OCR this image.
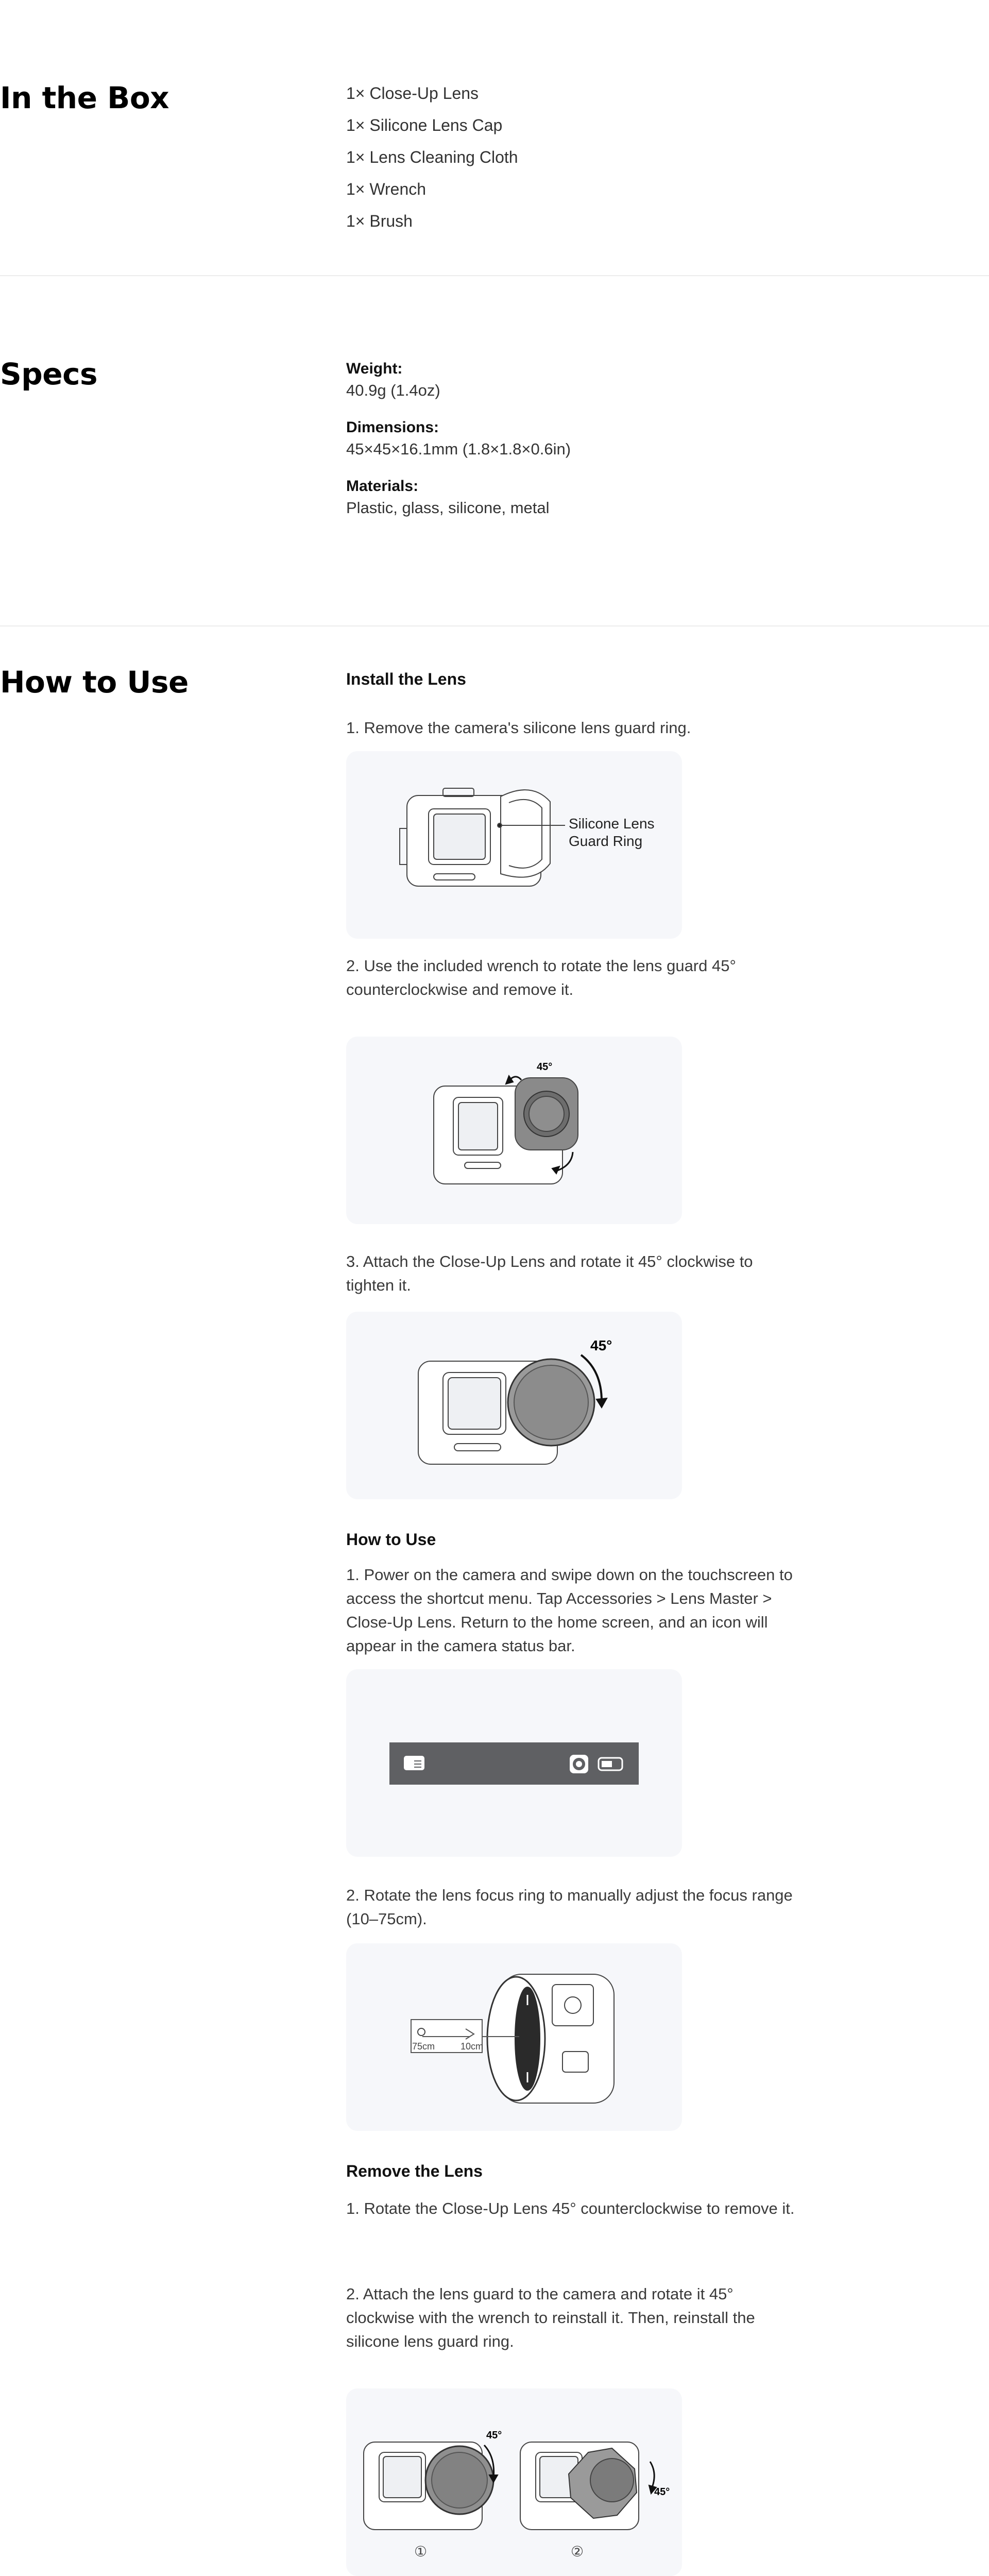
In the Box	1× Close-Up Lens
1× Silicone Lens Cap
1× Lens Cleaning Cloth
1× Wrench
1× Brush
Specs	Weight:
40.9g (1.4oz)
Dimensions:
45×45×16.1mm (1.8×1.8×0.6in)
Materials:
Plastic, glass, silicone, metal
How to Use	Install the Lens
1. Remove the camera's silicone lens guard ring.
Silicone Lens Guard Ring
2. Use the included wrench to rotate the lens guard 45° counterclockwise and remove it.
45°
3. Attach the Close-Up Lens and rotate it 45° clockwise to tighten it.
45°
How to Use
1. Power on the camera and swipe down on the touchscreen to access the shortcut menu. Tap Accessories > Lens Master > Close-Up Lens. Return to the home screen, and an icon will appear in the camera status bar.
2. Rotate the lens focus ring to manually adjust the focus range (10–75cm).
75cm	10cm
Remove the Lens
1. Rotate the Close-Up Lens 45° counterclockwise to remove it.
2. Attach the lens guard to the camera and rotate it 45° clockwise with the wrench to reinstall it. Then, reinstall the silicone lens guard ring.
45°
45°
①	②
